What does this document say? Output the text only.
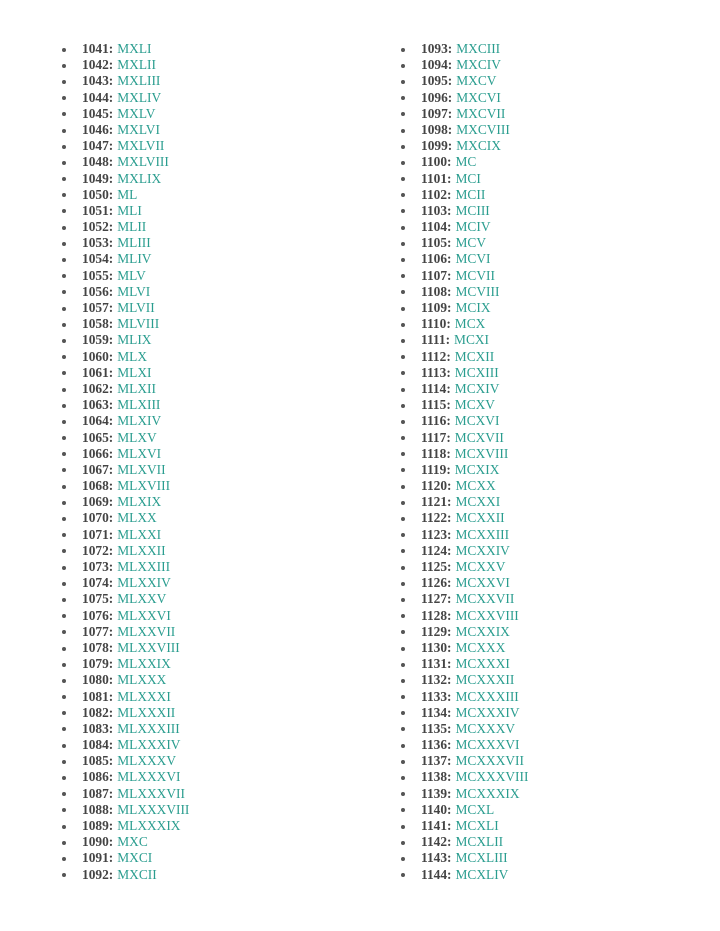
1041 : MXLI
1042 : MXLII
1043 : MXLIII
1044 : MXLIV
1045 : MXLV
1046 : MXLVI
1047 : MXLVII
1048 : MXLVIII
1049 : MXLIX
1050 : ML
1051 : MLI
1052 : MLII
1053 : MLIII
1054 : MLIV
1055 : MLV
1056 : MLVI
1057 : MLVII
1058 : MLVIII
1059 : MLIX
1060 : MLX
1061 : MLXI
1062 : MLXII
1063 : MLXIII
1064 : MLXIV
1065 : MLXV
1066 : MLXVI
1067 : MLXVII
1068 : MLXVIII
1069 : MLXIX
1070 : MLXX
1071 : MLXXI
1072 : MLXXII
1073 : MLXXIII
1074 : MLXXIV
1075 : MLXXV
1076 : MLXXVI
1077 : MLXXVII
1078 : MLXXVIII
1079 : MLXXIX
1080 : MLXXX
1081 : MLXXXI
1082 : MLXXXII
1083 : MLXXXIII
1084 : MLXXXIV
1085 : MLXXXV
1086 : MLXXXVI
1087 : MLXXXVII
1088 : MLXXXVIII
1089 : MLXXXIX
1090 : MXC
1091 : MXCI
1092 : MXCII
1093 : MXCIII
1094 : MXCIV
1095 : MXCV
1096 : MXCVI
1097 : MXCVII
1098 : MXCVIII
1099 : MXCIX
1100 : MC
1101 : MCI
1102 : MCII
1103 : MCIII
1104 : MCIV
1105 : MCV
1106 : MCVI
1107 : MCVII
1108 : MCVIII
1109 : MCIX
1110 : MCX
1111 : MCXI
1112 : MCXII
1113 : MCXIII
1114 : MCXIV
1115 : MCXV
1116 : MCXVI
1117 : MCXVII
1118 : MCXVIII
1119 : MCXIX
1120 : MCXX
1121 : MCXXI
1122 : MCXXII
1123 : MCXXIII
1124 : MCXXIV
1125 : MCXXV
1126 : MCXXVI
1127 : MCXXVII
1128 : MCXXVIII
1129 : MCXXIX
1130 : MCXXX
1131 : MCXXXI
1132 : MCXXXII
1133 : MCXXXIII
1134 : MCXXXIV
1135 : MCXXXV
1136 : MCXXXVI
1137 : MCXXXVII
1138 : MCXXXVIII
1139 : MCXXXIX
1140 : MCXL
1141 : MCXLI
1142 : MCXLII
1143 : MCXLIII
1144 : MCXLIV
